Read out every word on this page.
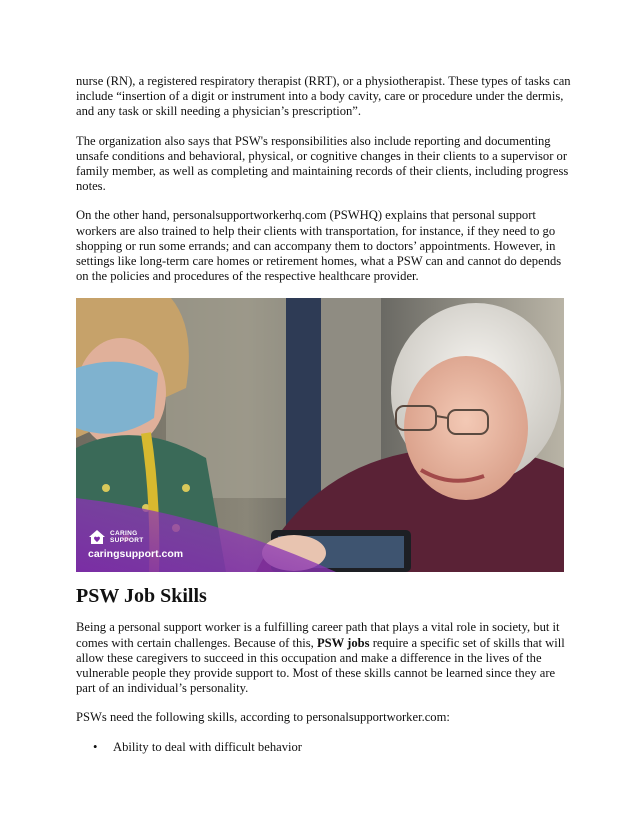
nurse (RN), a registered respiratory therapist (RRT), or a physiotherapist. These types of tasks can include “insertion of a digit or instrument into a body cavity, care or procedure under the dermis, and any task or skill needing a physician’s prescription”.

The organization also says that PSW's responsibilities also include reporting and documenting unsafe conditions and behavioral, physical, or cognitive changes in their clients to a supervisor or family member, as well as completing and maintaining records of their clients, including progress notes.

On the other hand, personalsupportworkerhq.com (PSWHQ) explains that personal support workers are also trained to help their clients with transportation, for instance, if they need to go shopping or run some errands; and can accompany them to doctors’ appointments. However, in settings like long-term care homes or retirement homes, what a PSW can and cannot do depends on the policies and procedures of the respective healthcare provider.

CARING
SUPPORT
caringsupport.com
PSW Job Skills

Being a personal support worker is a fulfilling career path that plays a vital role in society, but it comes with certain challenges. Because of this, PSW jobs require a specific set of skills that will allow these caregivers to succeed in this occupation and make a difference in the lives of the vulnerable people they provide support to. Most of these skills cannot be learned since they are part of an individual’s personality.

PSWs need the following skills, according to personalsupportworker.com:

• Ability to deal with difficult behavior
